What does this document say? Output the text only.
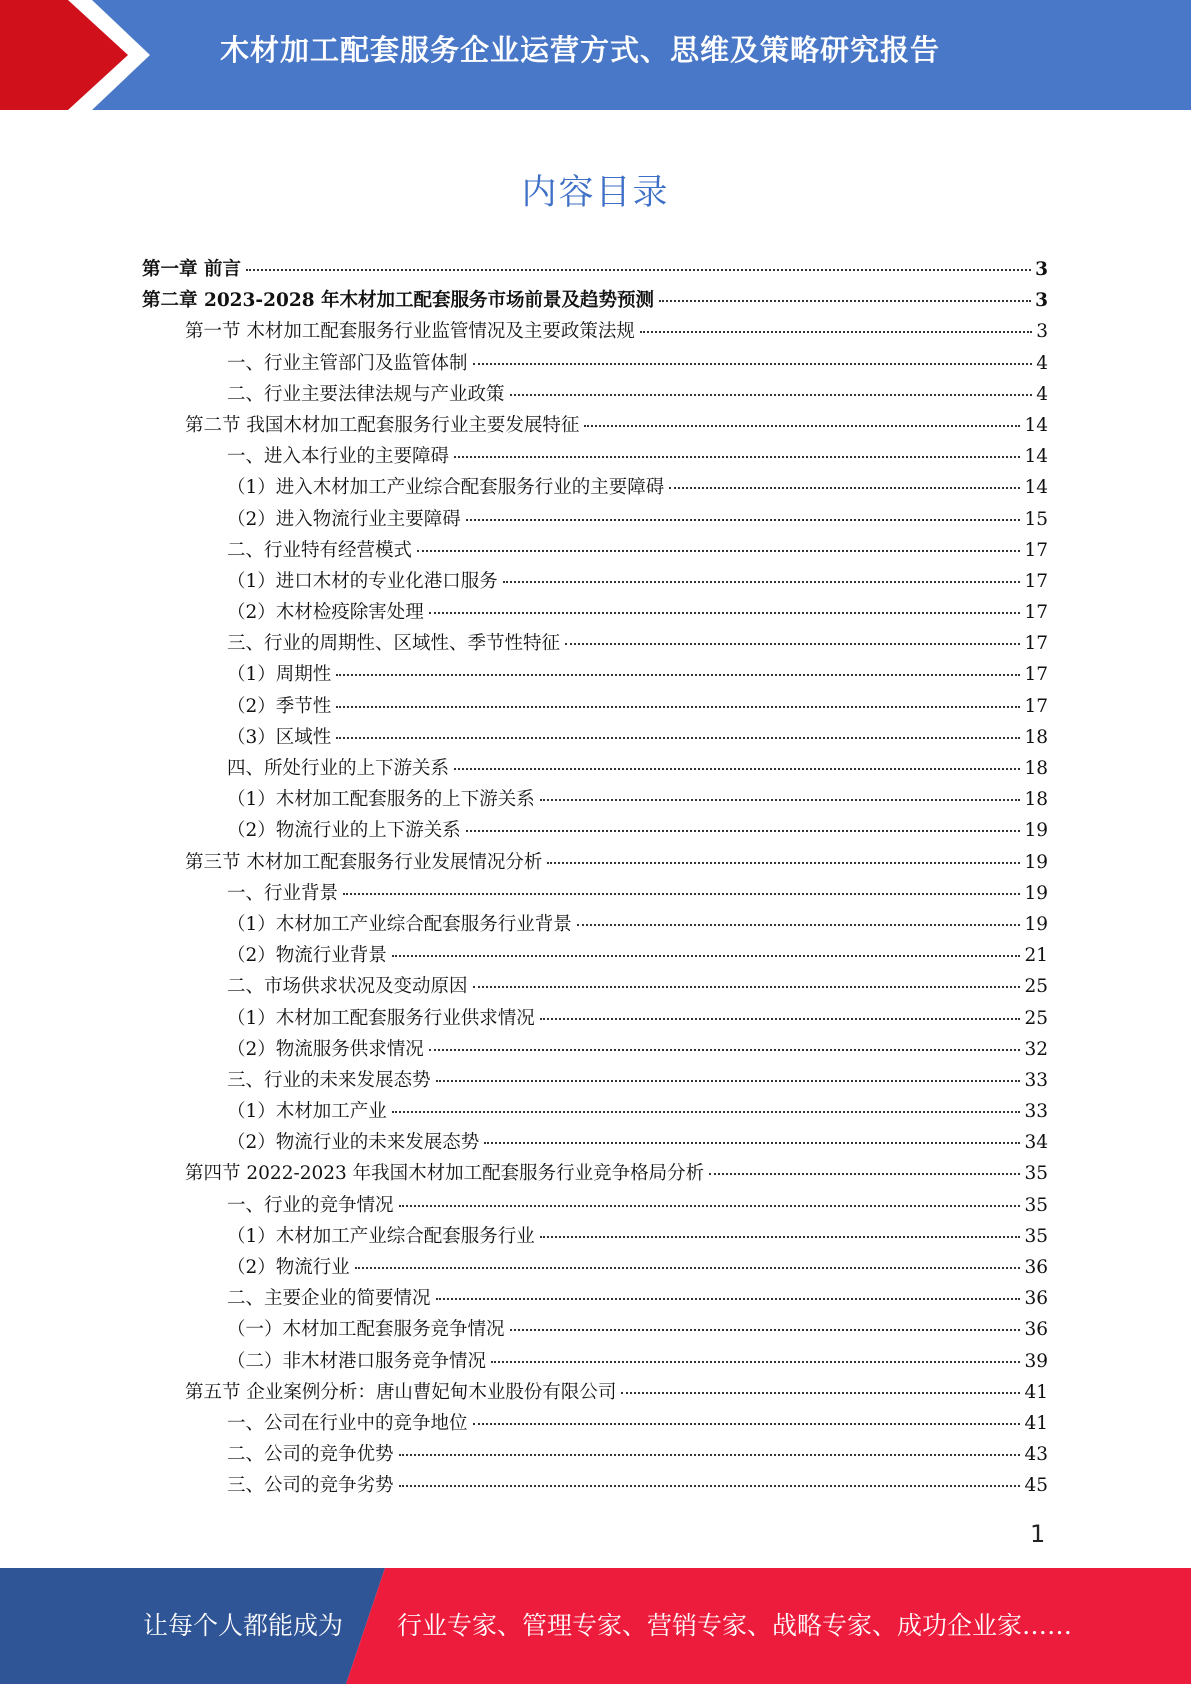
木材加工配套服务企业运营方式、思维及策略研究报告
内容目录
第一章 前言	3
第二章 2023-2028 年木材加工配套服务市场前景及趋势预测	3
第一节 木材加工配套服务行业监管情况及主要政策法规	3
一、行业主管部门及监管体制	4
二、行业主要法律法规与产业政策	4
第二节 我国木材加工配套服务行业主要发展特征	14
一、进入本行业的主要障碍	14
（1）进入木材加工产业综合配套服务行业的主要障碍	14
（2）进入物流行业主要障碍	15
二、行业特有经营模式	17
（1）进口木材的专业化港口服务	17
（2）木材检疫除害处理	17
三、行业的周期性、区域性、季节性特征	17
（1）周期性	17
（2）季节性	17
（3）区域性	18
四、所处行业的上下游关系	18
（1）木材加工配套服务的上下游关系	18
（2）物流行业的上下游关系	19
第三节 木材加工配套服务行业发展情况分析	19
一、行业背景	19
（1）木材加工产业综合配套服务行业背景	19
（2）物流行业背景	21
二、市场供求状况及变动原因	25
（1）木材加工配套服务行业供求情况	25
（2）物流服务供求情况	32
三、行业的未来发展态势	33
（1）木材加工产业	33
（2）物流行业的未来发展态势	34
第四节 2022-2023 年我国木材加工配套服务行业竞争格局分析	35
一、行业的竞争情况	35
（1）木材加工产业综合配套服务行业	35
（2）物流行业	36
二、主要企业的简要情况	36
（一）木材加工配套服务竞争情况	36
（二）非木材港口服务竞争情况	39
第五节 企业案例分析：唐山曹妃甸木业股份有限公司	41
一、公司在行业中的竞争地位	41
二、公司的竞争优势	43
三、公司的竞争劣势	45
1
让每个人都能成为 行业专家、管理专家、营销专家、战略专家、成功企业家……
